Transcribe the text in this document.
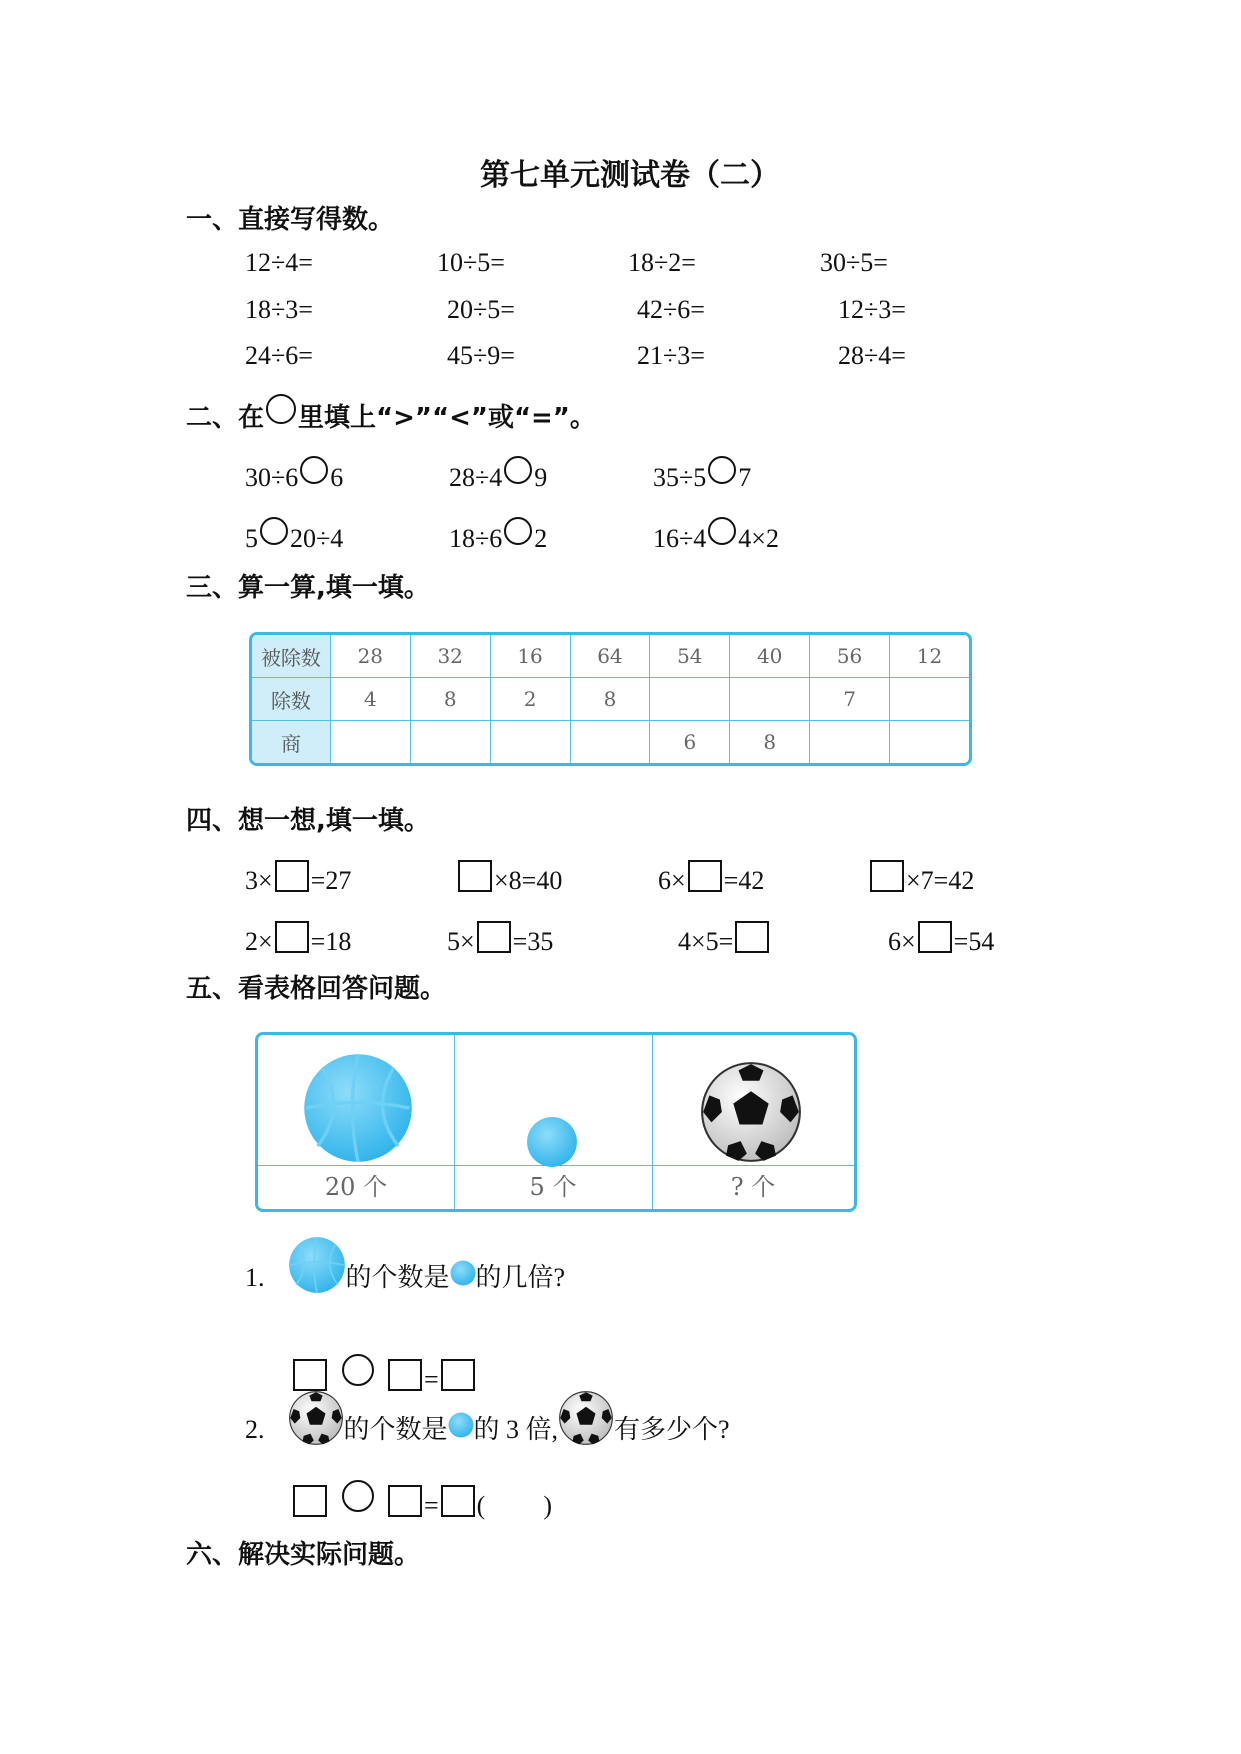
第七单元测试卷（二）
一、直接写得数。
12÷4=	10÷5=	18÷2=	30÷5=
18÷3=	20÷5=	42÷6=	12÷3=
24÷6=	45÷9=	21÷3=	28÷4=
二、在 里填上“>”“<”或“=”。
30÷6 6	28÷4 9	35÷5 7
5 20÷4	18÷6 2	16÷4 4×2
三、算一算,填一填。
被除数	28	32	16	64	54	40	56	12
除数	4	8	2	8			7	
商					6	8		
四、想一想,填一填。
3× =27	×8=40	6× =42	×7=42
2× =18	5× =35	4×5=	6× =54
五、看表格回答问题。
20 个	5 个	? 个
1.	的个数是 的几倍?
=
2.	的个数是 的 3 倍, 有多少个?
= ( )
六、解决实际问题。
